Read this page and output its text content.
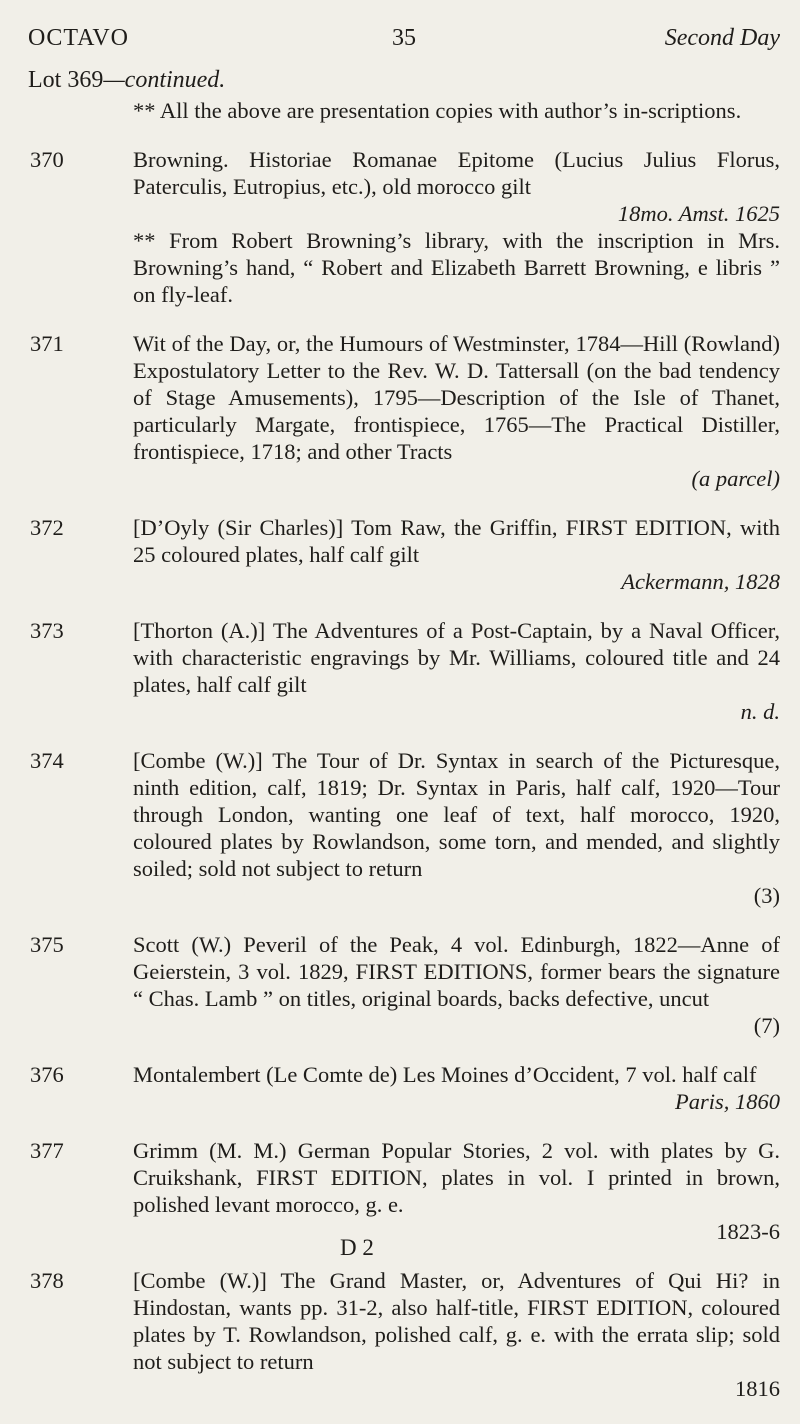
OCTAVO	35	Second Day
Lot 369—continued.
** All the above are presentation copies with author’s in-scriptions.
370	Browning. Historiae Romanae Epitome (Lucius Julius Florus, Paterculis, Eutropius, etc.), old morocco gilt
18mo. Amst. 1625
** From Robert Browning’s library, with the inscription in Mrs. Browning’s hand, “ Robert and Elizabeth Barrett Browning, e libris ” on fly-leaf.
371	Wit of the Day, or, the Humours of Westminster, 1784—Hill (Rowland) Expostulatory Letter to the Rev. W. D. Tattersall (on the bad tendency of Stage Amusements), 1795—Description of the Isle of Thanet, particularly Margate, frontispiece, 1765—The Practical Distiller, frontispiece, 1718; and other Tracts
(a parcel)
372	[D’Oyly (Sir Charles)] Tom Raw, the Griffin, FIRST EDITION, with 25 coloured plates, half calf gilt
Ackermann, 1828
373	[Thorton (A.)] The Adventures of a Post-Captain, by a Naval Officer, with characteristic engravings by Mr. Williams, coloured title and 24 plates, half calf gilt
n. d.
374	[Combe (W.)] The Tour of Dr. Syntax in search of the Picturesque, ninth edition, calf, 1819; Dr. Syntax in Paris, half calf, 1920—Tour through London, wanting one leaf of text, half morocco, 1920, coloured plates by Rowlandson, some torn, and mended, and slightly soiled; sold not subject to return
(3)
375	Scott (W.) Peveril of the Peak, 4 vol. Edinburgh, 1822—Anne of Geierstein, 3 vol. 1829, FIRST EDITIONS, former bears the signature “ Chas. Lamb ” on titles, original boards, backs defective, uncut
(7)
376	Montalembert (Le Comte de) Les Moines d’Occident, 7 vol. half calf
Paris, 1860
377	Grimm (M. M.) German Popular Stories, 2 vol. with plates by G. Cruikshank, FIRST EDITION, plates in vol. I printed in brown, polished levant morocco, g. e.
1823-6
378	[Combe (W.)] The Grand Master, or, Adventures of Qui Hi? in Hindostan, wants pp. 31-2, also half-title, FIRST EDITION, coloured plates by T. Rowlandson, polished calf, g. e. with the errata slip; sold not subject to return
1816
D 2
